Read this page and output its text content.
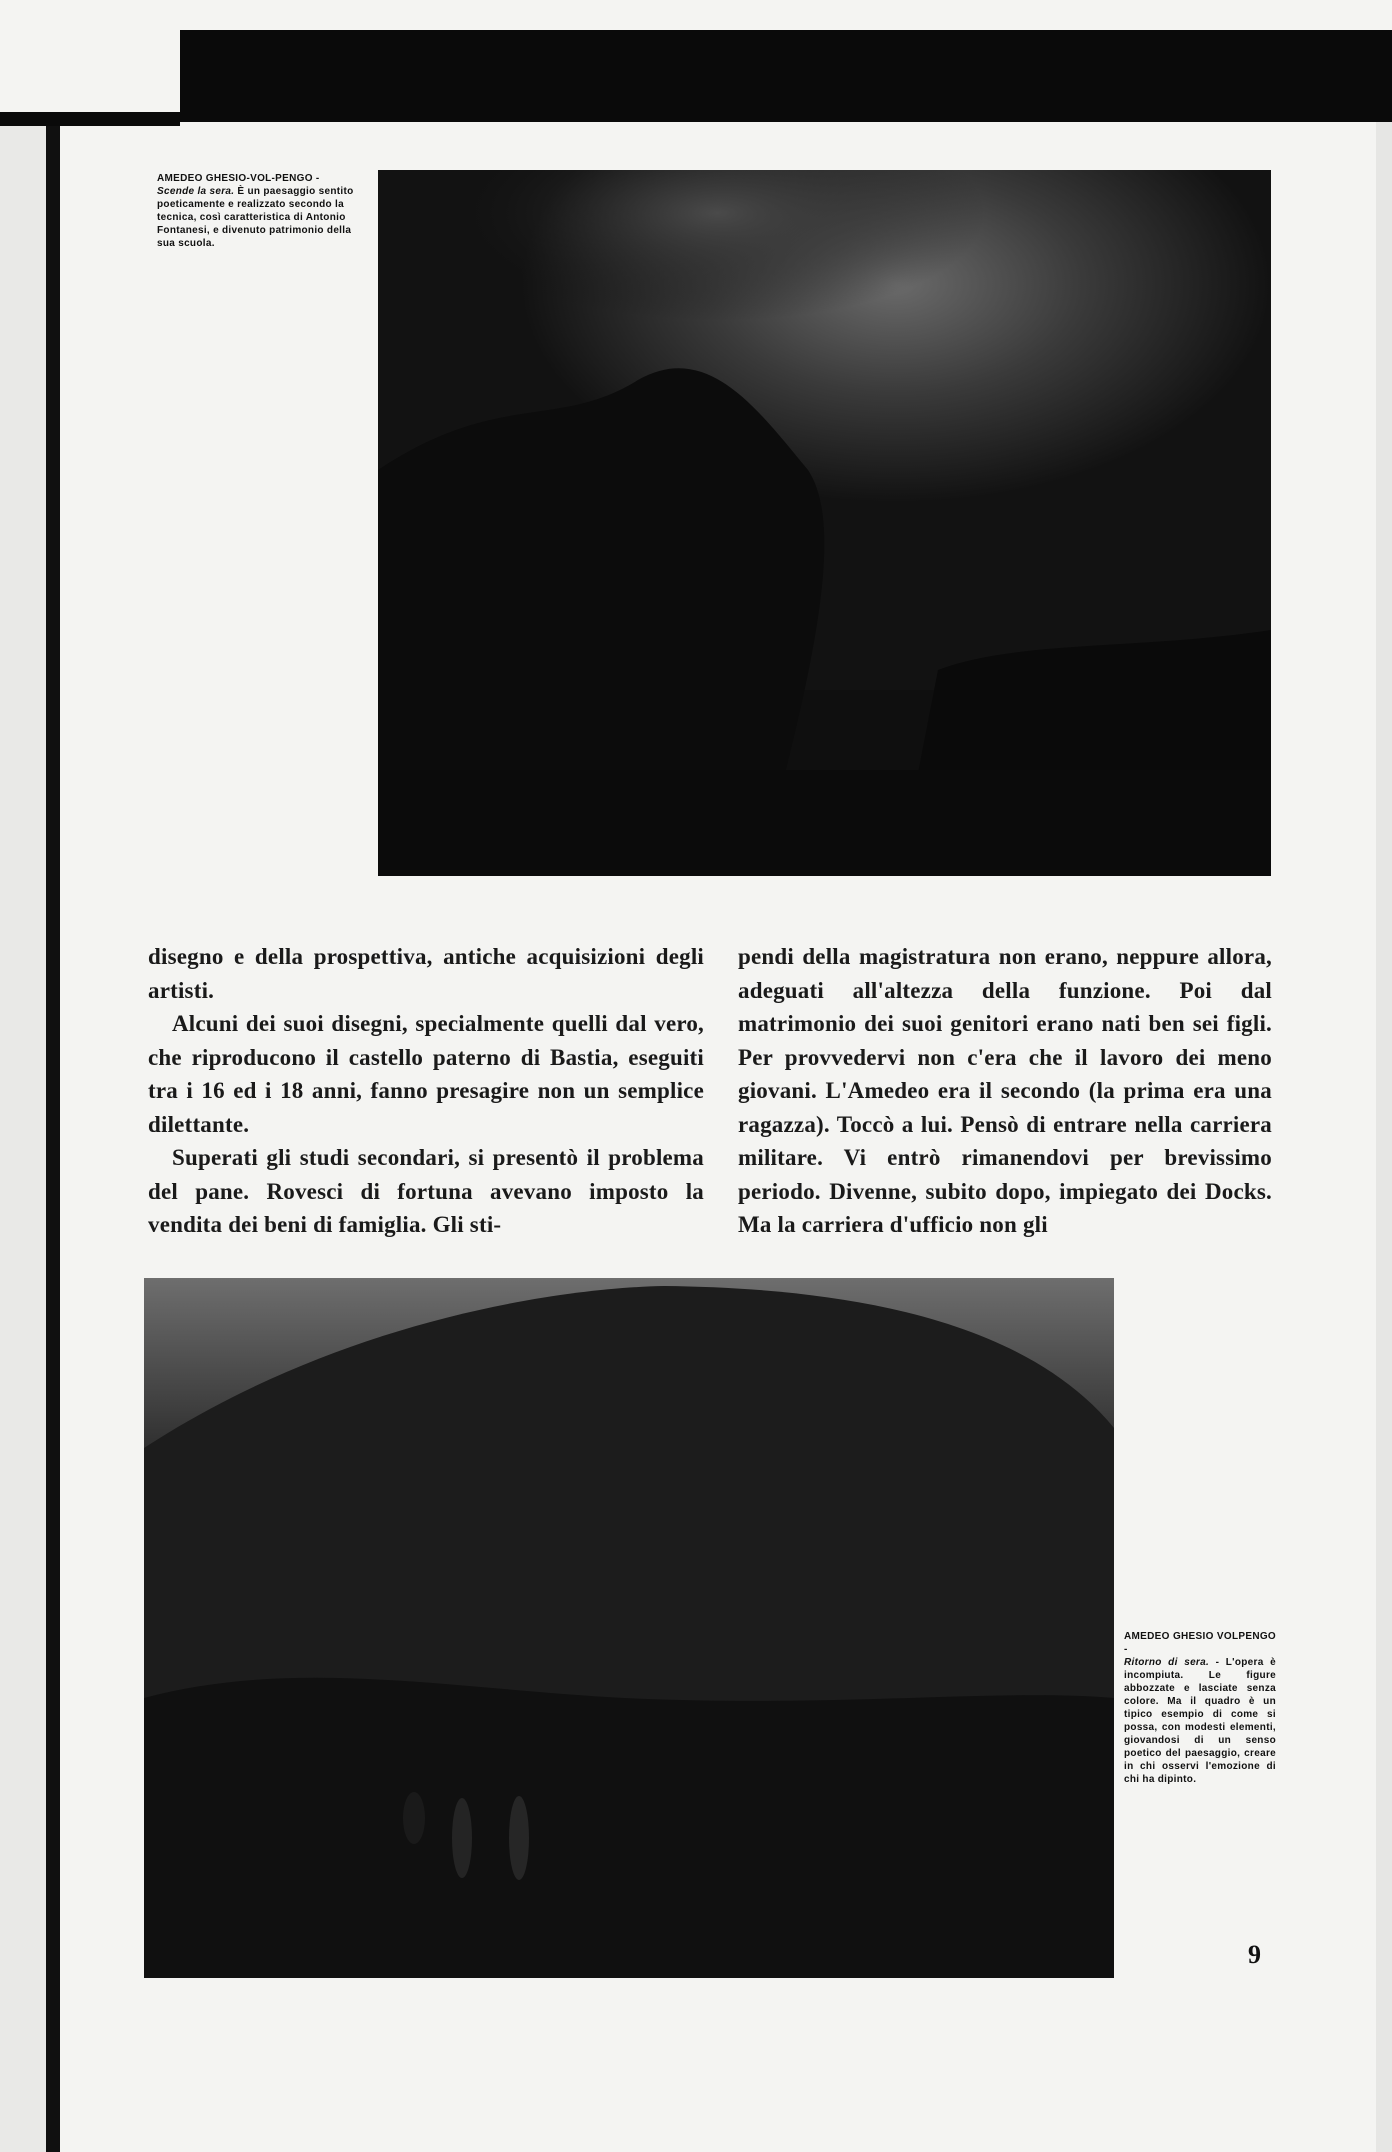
AMEDEO GHESIO-VOL-PENGO -
Scende la sera. È un paesaggio sentito poeticamente e realizzato secondo la tecnica, così caratteristica di Antonio Fontanesi, e divenuto patrimonio della sua scuola.

disegno e della prospettiva, antiche acquisizioni degli artisti.

Alcuni dei suoi disegni, specialmente quelli dal vero, che riproducono il castello paterno di Bastia, eseguiti tra i 16 ed i 18 anni, fanno presagire non un semplice dilettante.

Superati gli studi secondari, si presentò il problema del pane. Rovesci di fortuna avevano imposto la vendita dei beni di famiglia. Gli sti-

pendi della magistratura non erano, neppure allora, adeguati all'altezza della funzione. Poi dal matrimonio dei suoi genitori erano nati ben sei figli. Per provvedervi non c'era che il lavoro dei meno giovani. L'Amedeo era il secondo (la prima era una ragazza). Toccò a lui. Pensò di entrare nella carriera militare. Vi entrò rimanendovi per brevissimo periodo. Divenne, subito dopo, impiegato dei Docks. Ma la carriera d'ufficio non gli

AMEDEO GHESIO VOLPENGO -
Ritorno di sera. - L'opera è incompiuta. Le figure abbozzate e lasciate senza colore. Ma il quadro è un tipico esempio di come si possa, con modesti elementi, giovandosi di un senso poetico del paesaggio, creare in chi osservi l'emozione di chi ha dipinto.
9
